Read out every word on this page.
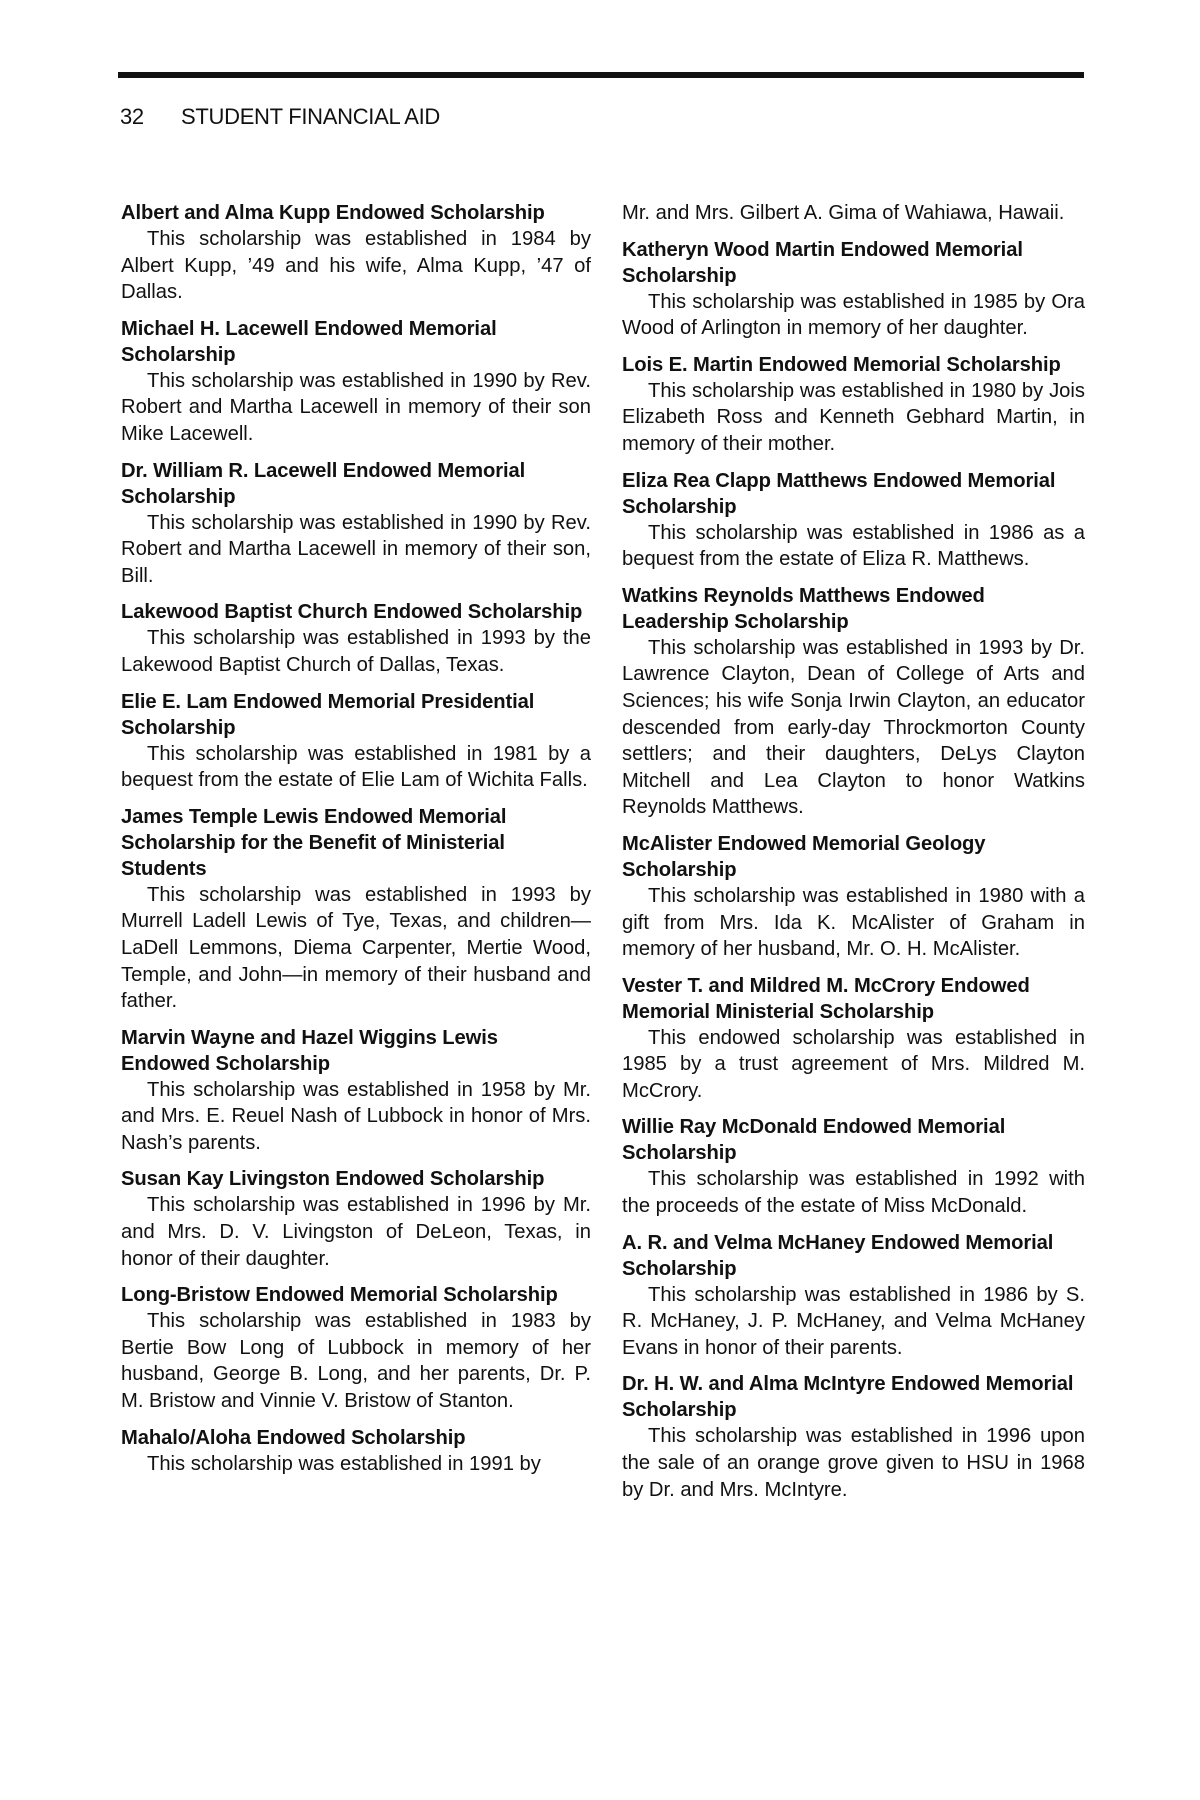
32 STUDENT FINANCIAL AID
Albert and Alma Kupp Endowed Scholarship

This scholarship was established in 1984 by Albert Kupp, ’49 and his wife, Alma Kupp, ’47 of Dallas.

Michael H. Lacewell Endowed Memorial Scholarship

This scholarship was established in 1990 by Rev. Robert and Martha Lacewell in memory of their son Mike Lacewell.

Dr. William R. Lacewell Endowed Memorial Scholarship

This scholarship was established in 1990 by Rev. Robert and Martha Lacewell in memory of their son, Bill.

Lakewood Baptist Church Endowed Scholarship

This scholarship was established in 1993 by the Lakewood Baptist Church of Dallas, Texas.

Elie E. Lam Endowed Memorial Presidential Scholarship

This scholarship was established in 1981 by a bequest from the estate of Elie Lam of Wichita Falls.

James Temple Lewis Endowed Memorial Scholarship for the Benefit of Ministerial Students

This scholarship was established in 1993 by Murrell Ladell Lewis of Tye, Texas, and children—LaDell Lemmons, Diema Carpenter, Mertie Wood, Temple, and John—in memory of their husband and father.

Marvin Wayne and Hazel Wiggins Lewis Endowed Scholarship

This scholarship was established in 1958 by Mr. and Mrs. E. Reuel Nash of Lubbock in honor of Mrs. Nash’s parents.

Susan Kay Livingston Endowed Scholarship

This scholarship was established in 1996 by Mr. and Mrs. D. V. Livingston of DeLeon, Texas, in honor of their daughter.

Long-Bristow Endowed Memorial Scholarship

This scholarship was established in 1983 by Bertie Bow Long of Lubbock in memory of her husband, George B. Long, and her parents, Dr. P. M. Bristow and Vinnie V. Bristow of Stanton.

Mahalo/Aloha Endowed Scholarship

This scholarship was established in 1991 by

Mr. and Mrs. Gilbert A. Gima of Wahiawa, Hawaii.

Katheryn Wood Martin Endowed Memorial Scholarship

This scholarship was established in 1985 by Ora Wood of Arlington in memory of her daughter.

Lois E. Martin Endowed Memorial Scholarship

This scholarship was established in 1980 by Jois Elizabeth Ross and Kenneth Gebhard Martin, in memory of their mother.

Eliza Rea Clapp Matthews Endowed Memorial Scholarship

This scholarship was established in 1986 as a bequest from the estate of Eliza R. Matthews.

Watkins Reynolds Matthews Endowed Leadership Scholarship

This scholarship was established in 1993 by Dr. Lawrence Clayton, Dean of College of Arts and Sciences; his wife Sonja Irwin Clayton, an educator descended from early-day Throckmorton County settlers; and their daughters, DeLys Clayton Mitchell and Lea Clayton to honor Watkins Reynolds Matthews.

McAlister Endowed Memorial Geology Scholarship

This scholarship was established in 1980 with a gift from Mrs. Ida K. McAlister of Graham in memory of her husband, Mr. O. H. McAlister.

Vester T. and Mildred M. McCrory Endowed Memorial Ministerial Scholarship

This endowed scholarship was established in 1985 by a trust agreement of Mrs. Mildred M. McCrory.

Willie Ray McDonald Endowed Memorial Scholarship

This scholarship was established in 1992 with the proceeds of the estate of Miss McDonald.

A. R. and Velma McHaney Endowed Memorial Scholarship

This scholarship was established in 1986 by S. R. McHaney, J. P. McHaney, and Velma McHaney Evans in honor of their parents.

Dr. H. W. and Alma McIntyre Endowed Memorial Scholarship

This scholarship was established in 1996 upon the sale of an orange grove given to HSU in 1968 by Dr. and Mrs. McIntyre.
